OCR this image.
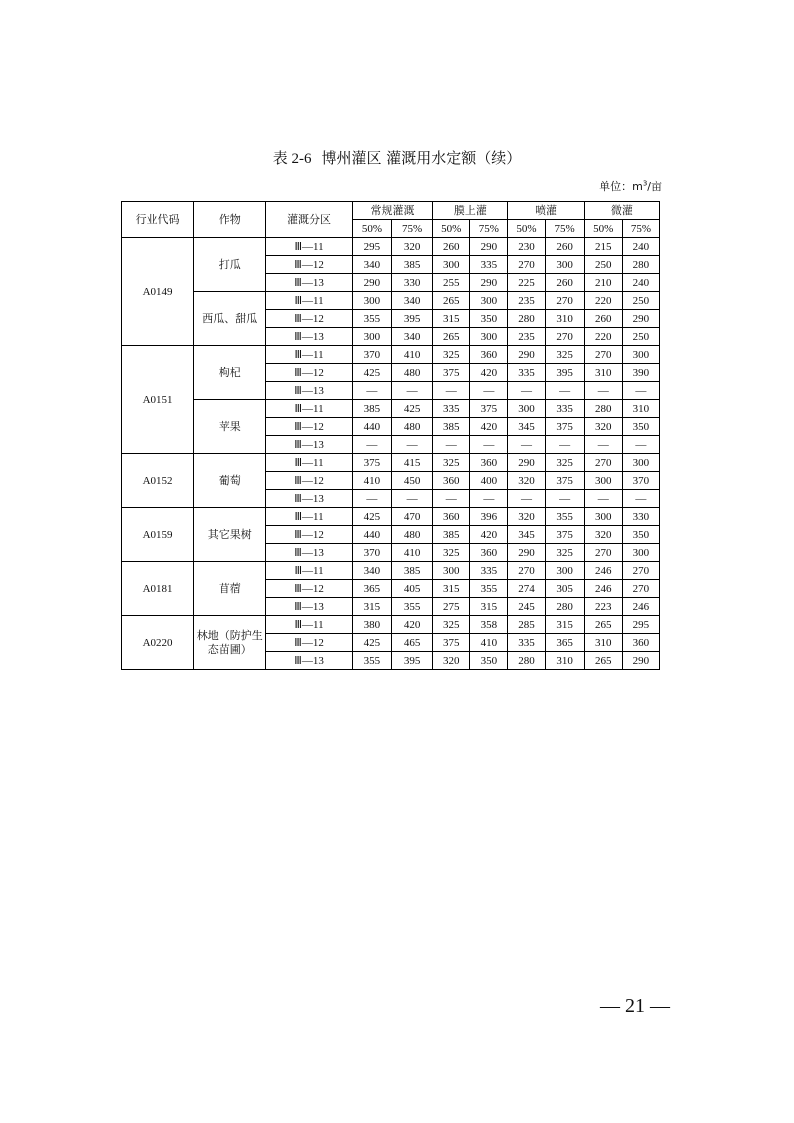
表 2-6 博州灌区 灌溉用水定额（续）
单位：$m^3/$亩
行业代码	作物	灌溉分区	常规灌溉		膜上灌		喷灌		微灌	
			50%	75%	50%	75%	50%	75%	50%	75%
A0149	打瓜	Ⅲ—11	295	320	260	290	230	260	215	240
		Ⅲ—12	340	385	300	335	270	300	250	280
		Ⅲ—13	290	330	255	290	225	260	210	240
	西瓜、甜瓜	Ⅲ—11	300	340	265	300	235	270	220	250
		Ⅲ—12	355	395	315	350	280	310	260	290
		Ⅲ—13	300	340	265	300	235	270	220	250
A0151	枸杞	Ⅲ—11	370	410	325	360	290	325	270	300
		Ⅲ—12	425	480	375	420	335	395	310	390
		Ⅲ—13	—	—	—	—	—	—	—	—
	苹果	Ⅲ—11	385	425	335	375	300	335	280	310
		Ⅲ—12	440	480	385	420	345	375	320	350
		Ⅲ—13	—	—	—	—	—	—	—	—
A0152	葡萄	Ⅲ—11	375	415	325	360	290	325	270	300
		Ⅲ—12	410	450	360	400	320	375	300	370
		Ⅲ—13	—	—	—	—	—	—	—	—
A0159	其它果树	Ⅲ—11	425	470	360	396	320	355	300	330
		Ⅲ—12	440	480	385	420	345	375	320	350
		Ⅲ—13	370	410	325	360	290	325	270	300
A0181	苜蓿	Ⅲ—11	340	385	300	335	270	300	246	270
		Ⅲ—12	365	405	315	355	274	305	246	270
		Ⅲ—13	315	355	275	315	245	280	223	246
A0220	林地（防护生态苗圃）	Ⅲ—11	380	420	325	358	285	315	265	295
		Ⅲ—12	425	465	375	410	335	365	310	360
		Ⅲ—13	355	395	320	350	280	310	265	290
— 21 —
